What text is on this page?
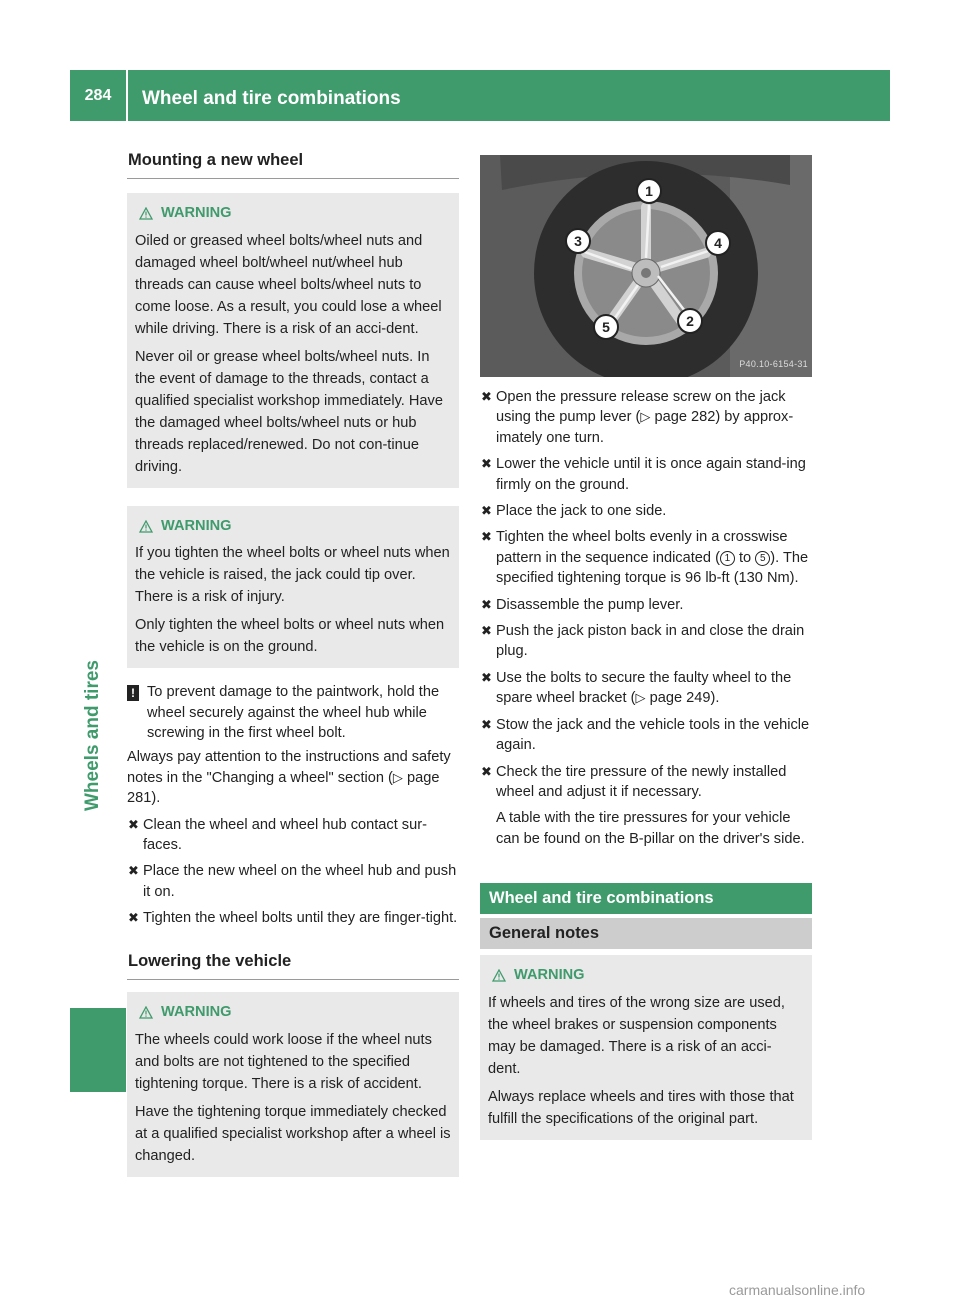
284	Wheel and tire combinations
Wheels and tires
Mounting a new wheel
WARNING

Oiled or greased wheel bolts/wheel nuts and damaged wheel bolt/wheel nut/wheel hub threads can cause wheel bolts/wheel nuts to come loose. As a result, you could lose a wheel while driving. There is a risk of an acci-dent.

Never oil or grease wheel bolts/wheel nuts. In the event of damage to the threads, contact a qualified specialist workshop immediately. Have the damaged wheel bolts/wheel nuts or hub threads replaced/renewed. Do not con-tinue driving.

WARNING

If you tighten the wheel bolts or wheel nuts when the vehicle is raised, the jack could tip over. There is a risk of injury.

Only tighten the wheel bolts or wheel nuts when the vehicle is on the ground.

! To prevent damage to the paintwork, hold the wheel securely against the wheel hub while screwing in the first wheel bolt.

Always pay attention to the instructions and safety notes in the "Changing a wheel" section (▷ page 281).

✖ Clean the wheel and wheel hub contact sur-faces.
✖ Place the new wheel on the wheel hub and push it on.
✖ Tighten the wheel bolts until they are finger-tight.
Lowering the vehicle
WARNING

The wheels could work loose if the wheel nuts and bolts are not tightened to the specified tightening torque. There is a risk of accident.

Have the tightening torque immediately checked at a qualified specialist workshop after a wheel is changed.

1
2
3	4
5
P40.10-6154-31
✖ Open the pressure release screw on the jack using the pump lever (▷ page 282) by approx-imately one turn.
✖ Lower the vehicle until it is once again stand-ing firmly on the ground.
✖ Place the jack to one side.
✖ Tighten the wheel bolts evenly in a crosswise pattern in the sequence indicated ( 1 to 5 ). The specified tightening torque is 96 lb-ft (130 Nm).
✖ Disassemble the pump lever.
✖ Push the jack piston back in and close the drain plug.
✖ Use the bolts to secure the faulty wheel to the spare wheel bracket (▷ page 249).
✖ Stow the jack and the vehicle tools in the vehicle again.
✖ Check the tire pressure of the newly installed wheel and adjust it if necessary.
A table with the tire pressures for your vehicle can be found on the B-pillar on the driver's side.
Wheel and tire combinations
General notes
WARNING

If wheels and tires of the wrong size are used, the wheel brakes or suspension components may be damaged. There is a risk of an acci-dent.

Always replace wheels and tires with those that fulfill the specifications of the original part.

carmanualsonline.info
